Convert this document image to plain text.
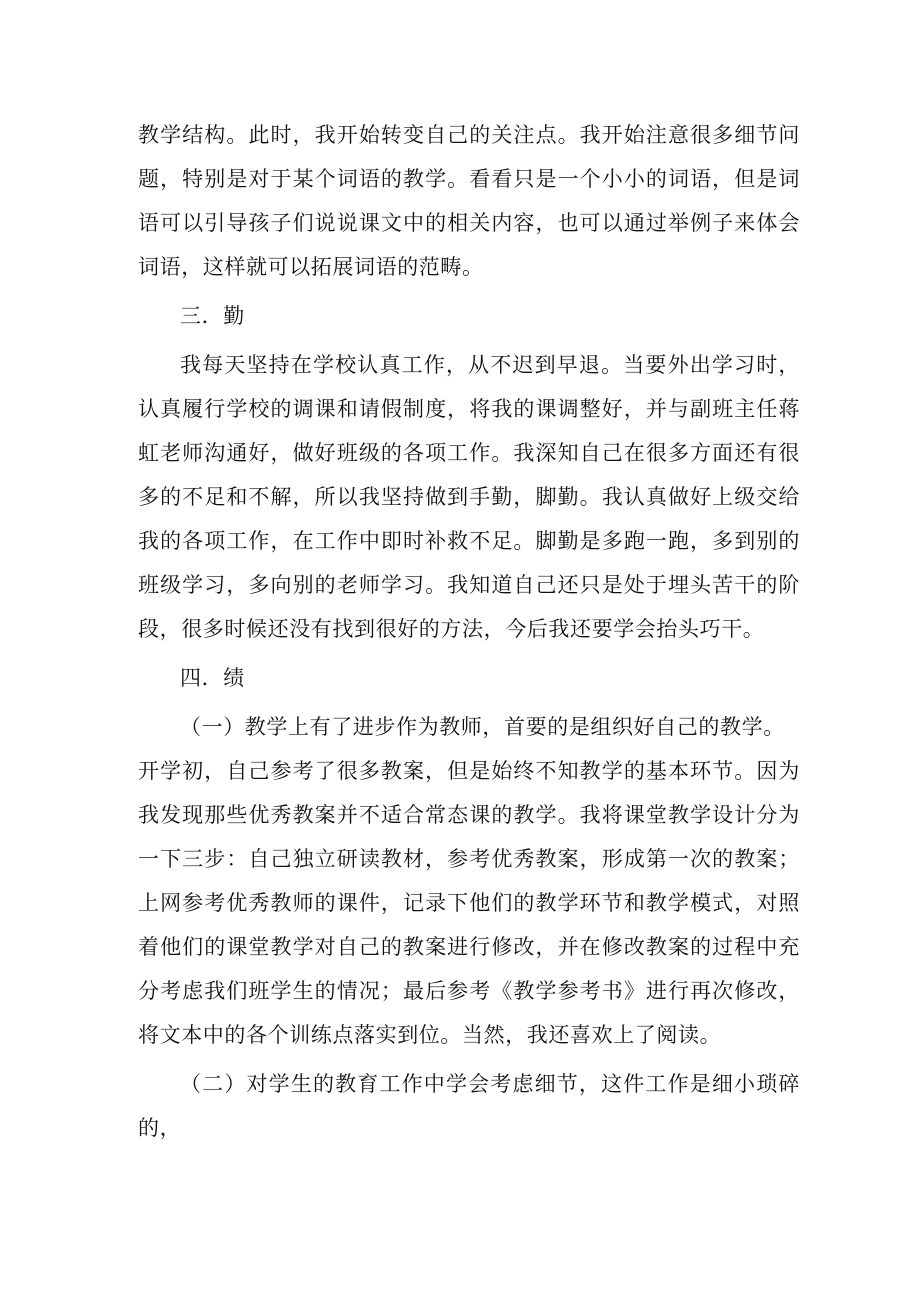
教学结构。此时，我开始转变自己的关注点。我开始注意很多细节问题，特别是对于某个词语的教学。看看只是一个小小的词语，但是词语可以引导孩子们说说课文中的相关内容，也可以通过举例子来体会词语，这样就可以拓展词语的范畴。

三．勤

我每天坚持在学校认真工作，从不迟到早退。当要外出学习时，认真履行学校的调课和请假制度，将我的课调整好，并与副班主任蒋虹老师沟通好，做好班级的各项工作。我深知自己在很多方面还有很多的不足和不解，所以我坚持做到手勤，脚勤。我认真做好上级交给我的各项工作，在工作中即时补救不足。脚勤是多跑一跑，多到别的班级学习，多向别的老师学习。我知道自己还只是处于埋头苦干的阶段，很多时候还没有找到很好的方法，今后我还要学会抬头巧干。

四．绩

（一）教学上有了进步作为教师，首要的是组织好自己的教学。

开学初，自己参考了很多教案，但是始终不知教学的基本环节。因为我发现那些优秀教案并不适合常态课的教学。我将课堂教学设计分为一下三步：自己独立研读教材，参考优秀教案，形成第一次的教案；上网参考优秀教师的课件，记录下他们的教学环节和教学模式，对照着他们的课堂教学对自己的教案进行修改，并在修改教案的过程中充分考虑我们班学生的情况；最后参考《教学参考书》进行再次修改，将文本中的各个训练点落实到位。当然，我还喜欢上了阅读。

（二）对学生的教育工作中学会考虑细节，这件工作是细小琐碎的，
